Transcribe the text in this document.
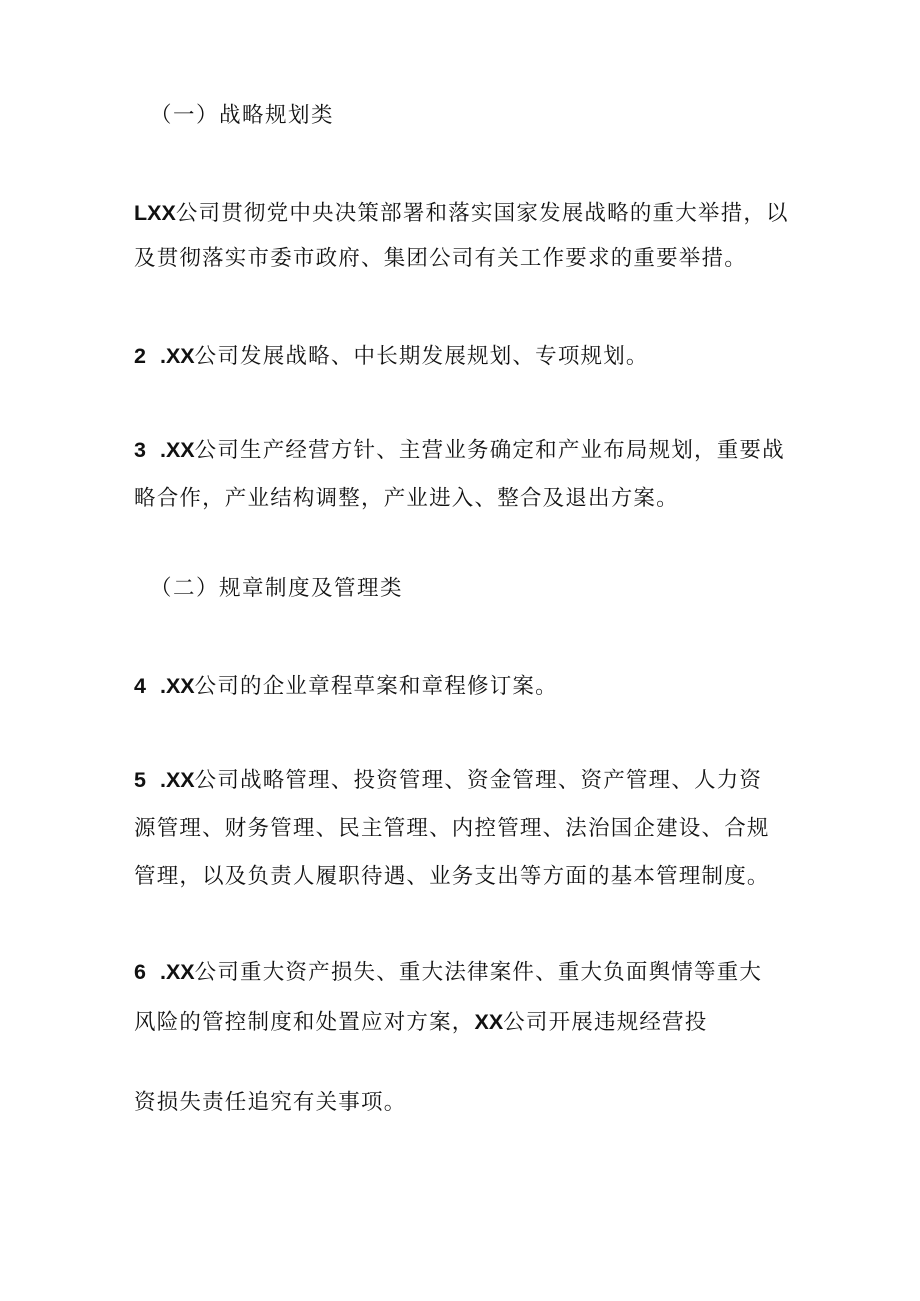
（一）战略规划类
LXX公司贯彻党中央决策部署和落实国家发展战略的重大举措，以
及贯彻落实市委市政府、集团公司有关工作要求的重要举措。
2 .XX公司发展战略、中长期发展规划、专项规划。
3 .XX公司生产经营方针、主营业务确定和产业布局规划，重要战
略合作，产业结构调整，产业进入、整合及退出方案。
（二）规章制度及管理类
4 .XX公司的企业章程草案和章程修订案。
5 .XX公司战略管理、投资管理、资金管理、资产管理、人力资
源管理、财务管理、民主管理、内控管理、法治国企建设、合规
管理，以及负责人履职待遇、业务支出等方面的基本管理制度。
6 .XX公司重大资产损失、重大法律案件、重大负面舆情等重大
风险的管控制度和处置应对方案，XX公司开展违规经营投
资损失责任追究有关事项。
